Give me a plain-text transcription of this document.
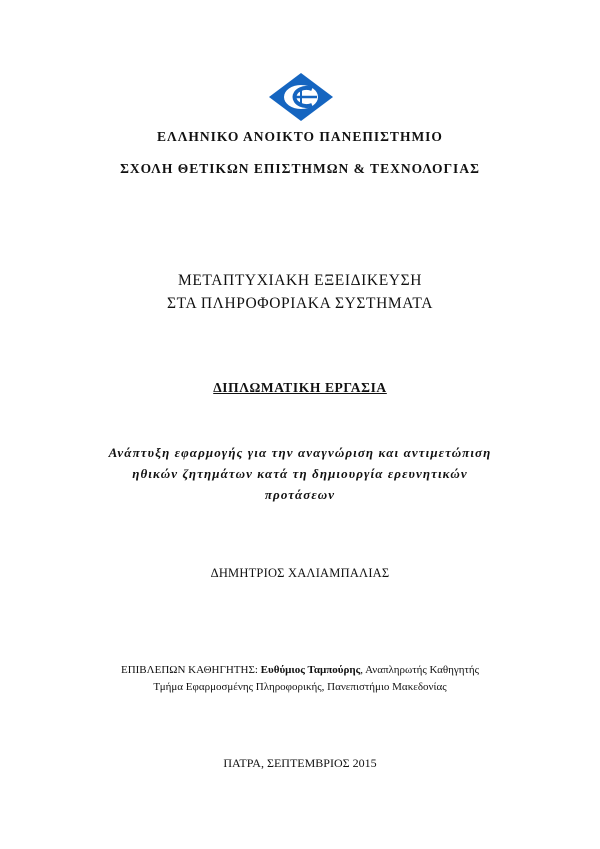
ΕΛΛΗΝΙΚΟ ΑΝΟΙΚΤΟ ΠΑΝΕΠΙΣΤΗΜΙΟ
ΣΧΟΛΗ ΘΕΤΙΚΩΝ ΕΠΙΣΤΗΜΩΝ & ΤΕΧΝΟΛΟΓΙΑΣ
ΜΕΤΑΠΤΥΧΙΑΚΗ ΕΞΕΙΔΙΚΕΥΣΗ
ΣΤΑ ΠΛΗΡΟΦΟΡΙΑΚΑ ΣΥΣΤΗΜΑΤΑ
ΔΙΠΛΩΜΑΤΙΚΗ ΕΡΓΑΣΙΑ
Ανάπτυξη εφαρμογής για την αναγνώριση και αντιμετώπιση
ηθικών ζητημάτων κατά τη δημιουργία ερευνητικών
προτάσεων
ΔΗΜΗΤΡΙΟΣ ΧΑΛΙΑΜΠΑΛΙΑΣ
ΕΠΙΒΛΕΠΩΝ ΚΑΘΗΓΗΤΗΣ: Ευθύμιος Ταμπούρης, Αναπληρωτής Καθηγητής
Τμήμα Εφαρμοσμένης Πληροφορικής, Πανεπιστήμιο Μακεδονίας
ΠΑΤΡΑ, ΣΕΠΤΕΜΒΡΙΟΣ 2015
